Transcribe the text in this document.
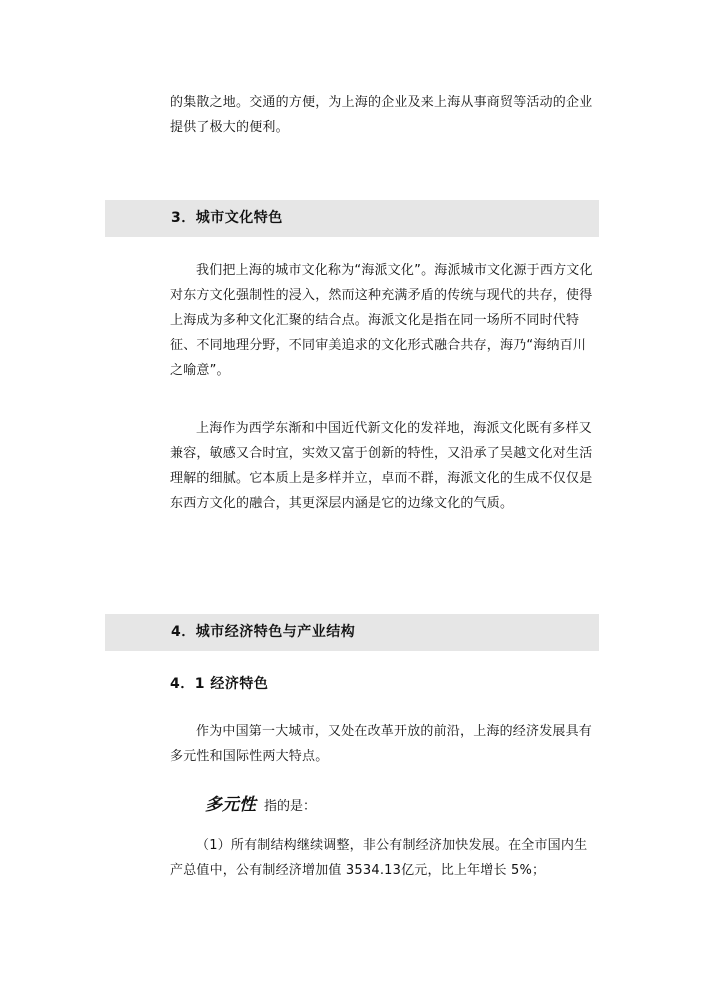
的集散之地。交通的方便，为上海的企业及来上海从事商贸等活动的企业提供了极大的便利。

3．城市文化特色

我们把上海的城市文化称为“海派文化”。海派城市文化源于西方文化对东方文化强制性的浸入，然而这种充满矛盾的传统与现代的共存，使得上海成为多种文化汇聚的结合点。海派文化是指在同一场所不同时代特征、不同地理分野，不同审美追求的文化形式融合共存，海乃“海纳百川之喻意”。

上海作为西学东渐和中国近代新文化的发祥地，海派文化既有多样又兼容，敏感又合时宜，实效又富于创新的特性，又沿承了吴越文化对生活理解的细腻。它本质上是多样并立，卓而不群，海派文化的生成不仅仅是东西方文化的融合，其更深层内涵是它的边缘文化的气质。

4．城市经济特色与产业结构
4．1 经济特色

作为中国第一大城市，又处在改革开放的前沿，上海的经济发展具有多元性和国际性两大特点。

多元性 指的是：

（1）所有制结构继续调整，非公有制经济加快发展。在全市国内生产总值中，公有制经济增加值 3534.13亿元，比上年增长 5%；
